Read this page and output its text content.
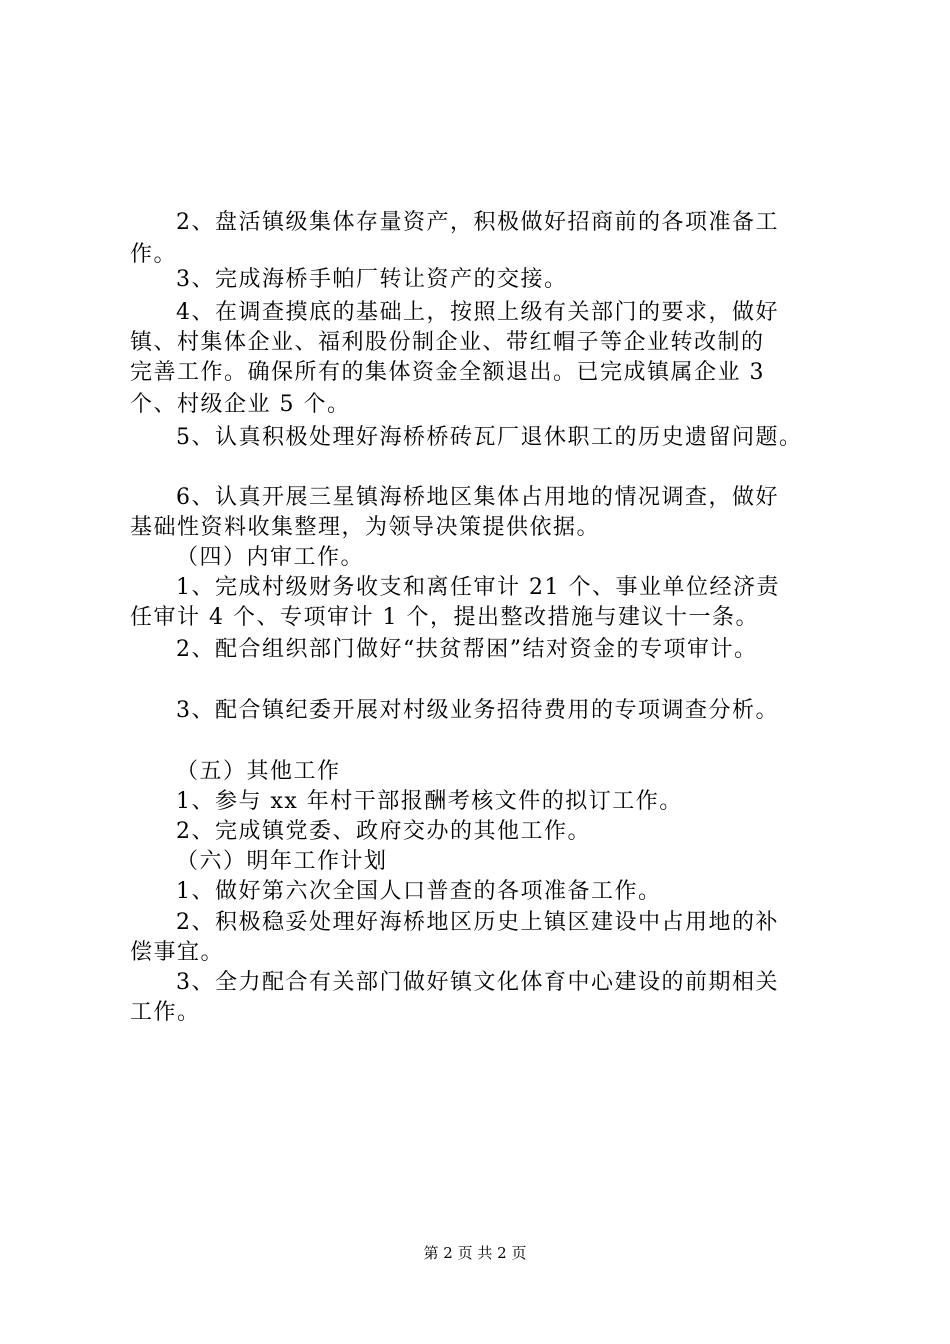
2、盘活镇级集体存量资产，积极做好招商前的各项准备工
作。
3、完成海桥手帕厂转让资产的交接。
4、在调查摸底的基础上，按照上级有关部门的要求，做好
镇、村集体企业、福利股份制企业、带红帽子等企业转改制的
完善工作。确保所有的集体资金全额退出。已完成镇属企业 3
个、村级企业 5 个。
5、认真积极处理好海桥桥砖瓦厂退休职工的历史遗留问题。
6、认真开展三星镇海桥地区集体占用地的情况调查，做好
基础性资料收集整理，为领导决策提供依据。
（四）内审工作。
1、完成村级财务收支和离任审计 21 个、事业单位经济责
任审计 4 个、专项审计 1 个，提出整改措施与建议十一条。
2、配合组织部门做好“扶贫帮困”结对资金的专项审计。
3、配合镇纪委开展对村级业务招待费用的专项调查分析。
（五）其他工作
1、参与 xx 年村干部报酬考核文件的拟订工作。
2、完成镇党委、政府交办的其他工作。
（六）明年工作计划
1、做好第六次全国人口普查的各项准备工作。
2、积极稳妥处理好海桥地区历史上镇区建设中占用地的补
偿事宜。
3、全力配合有关部门做好镇文化体育中心建设的前期相关
工作。
第 2 页 共 2 页
